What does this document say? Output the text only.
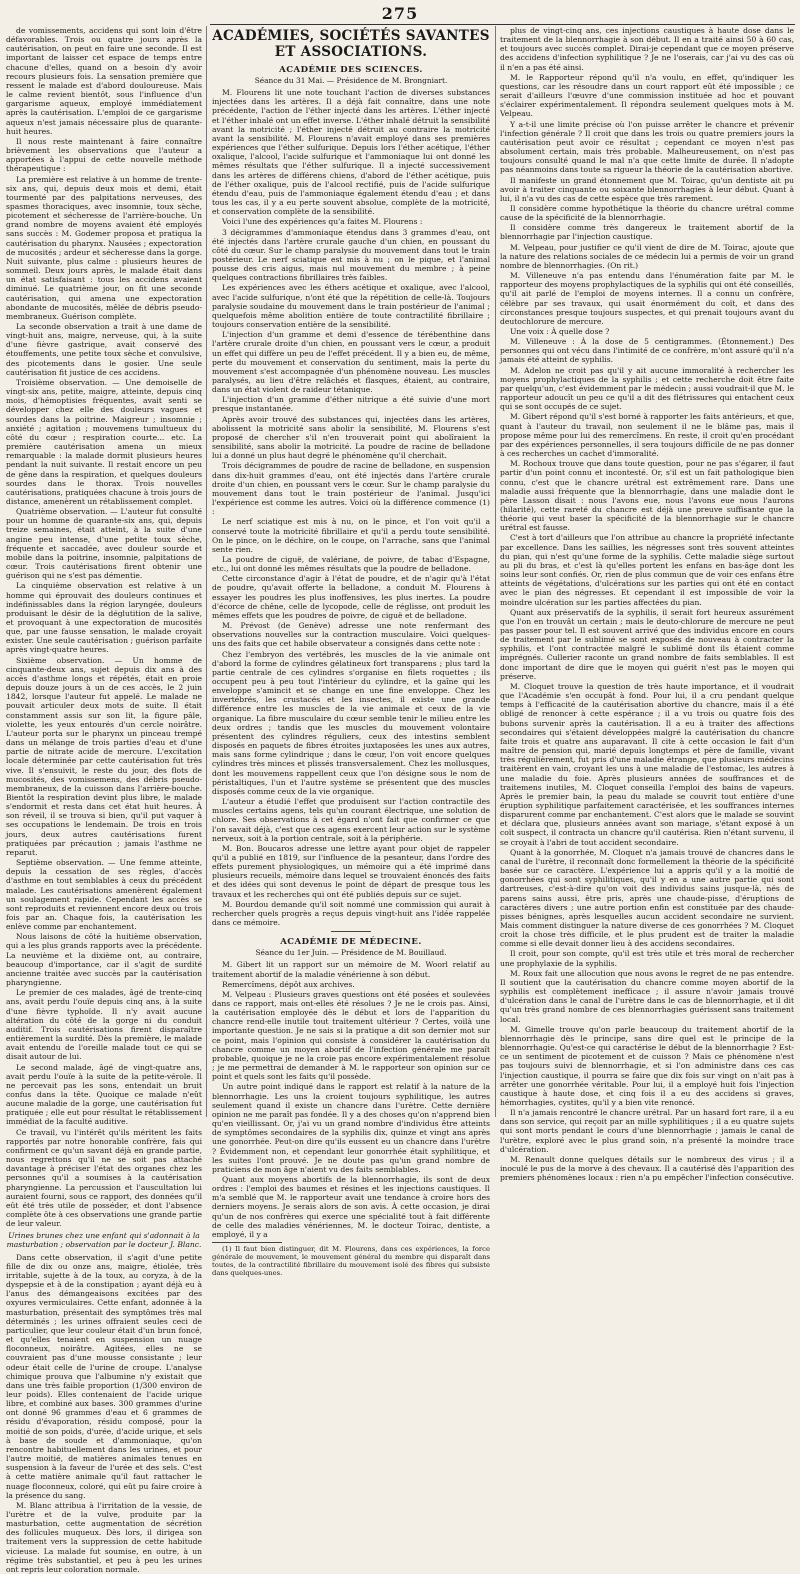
275

de vomissements, accidens qui sont loin d'être défavorables. Trois ou quatre jours après la cautérisation, on peut en faire une seconde. Il est important de laisser cet espace de temps entre chacune d'elles, quand on a besoin d'y avoir recours plusieurs fois. La sensation première que ressent le malade est d'abord douloureuse. Mais le calme revient bientôt, sous l'influence d'un gargarisme aqueux, employé immédiatement après la cautérisation. L'emploi de ce gargarisme aqueux n'est jamais nécessaire plus de quarante-huit heures.

Il nous reste maintenant à faire connaître brièvement les observations que l'auteur a apportées à l'appui de cette nouvelle méthode thérapeutique :

La première est relative à un homme de trente-six ans, qui, depuis deux mois et demi, était tourmenté par des palpitations nerveuses, des spasmes thoraciques, avec insomnie, toux sèche, picotement et sécheresse de l'arrière-bouche. Un grand nombre de moyens avaient été employés sans succès : M. Godemer proposa et pratiqua la cautérisation du pharynx. Nausées ; expectoration de mucosités ; ardeur et sécheresse dans la gorge. Nuit suivante, plus calme : plusieurs heures de sommeil. Deux jours après, le malade était dans un état satisfaisant : tous les accidens avaient diminué. Le quatrième jour, on fit une seconde cautérisation, qui amena une expectoration abondante de mucosités, mêlée de débris pseudo-membraneux. Guérison complète.

La seconde observation a trait à une dame de vingt-huit ans, maigre, nerveuse, qui, à la suite d'une fièvre gastrique, avait conservé des étouffements, une petite toux sèche et convulsive, des picotements dans le gosier. Une seule cautérisation fit justice de ces accidens.

Troisième observation. — Une demoiselle de vingt-six ans, petite, maigre, atteinte, depuis cinq mois, d'hémoptisies fréquentes, avait senti se développer chez elle des douleurs vagues et sourdes dans la poitrine. Maigreur ; insomnie ; anxiété ; agitation ; mouvemens tumultueux du côté du cœur ; respiration courte... etc. La première cautérisation amena un mieux remarquable : la malade dormit plusieurs heures pendant la nuit suivante. Il restait encore un peu de gêne dans la respiration, et quelques douleurs sourdes dans le thorax. Trois nouvelles cautérisations, pratiquées chacune à trois jours de distance, amenèrent un rétablissement complet.

Quatrième observation. — L'auteur fut consulté pour un homme de quarante-six ans, qui, depuis treize semaines, était atteint, à la suite d'une angine peu intense, d'une petite toux sèche, fréquente et saccadée, avec douleur sourde et mobile dans la poitrine, insomnie, palpitations de cœur. Trois cautérisations firent obtenir une guérison qui ne s'est pas démentie.

La cinquième observation est relative à un homme qui éprouvait des douleurs continues et indéfinissables dans la région laryngée, douleurs produisant le désir de la déglutition de la salive, et provoquant à une expectoration de mucosités que, par une fausse sensation, le malade croyait exister. Une seule cautérisation ; guérison parfaite après vingt-quatre heures.

Sixième observation. — Un homme de cinquante-deux ans, sujet depuis dix ans à des accès d'asthme longs et répétés, était en proie depuis douze jours à un de ces accès, le 2 juin 1842, lorsque l'auteur fut appelé. Le malade ne pouvait articuler deux mots de suite. Il était constamment assis sur son lit, la figure pâle, violette, les yeux entourés d'un cercle noirâtre. L'auteur porta sur le pharynx un pinceau trempé dans un mélange de trois parties d'eau et d'une partie de nitrate acide de mercure. L'excitation locale déterminée par cette cautérisation fut très vive. Il s'ensuivit, le reste du jour, des flots de mucosités, des vomissemens, des débris pseudo-membraneux, de la cuisson dans l'arrière-bouche. Bientôt la respiration devint plus libre, le malade s'endormit et resta dans cet état huit heures. À son réveil, il se trouva si bien, qu'il put vaquer à ses occupations le lendemain. De trois en trois jours, deux autres cautérisations furent pratiquées par précaution ; jamais l'asthme ne reparut.

Septième observation. — Une femme atteinte, depuis la cessation de ses règles, d'accès d'asthme en tout semblables à ceux du précédent malade. Les cautérisations amenèrent également un soulagement rapide. Cependant les accès se sont reproduits et reviennent encore deux ou trois fois par an. Chaque fois, la cautérisation les enlève comme par enchantement.

Nous laisons de côté la huitième observation, qui a les plus grands rapports avec la précédente. La neuvième et la dixième ont, au contraire, beaucoup d'importance, car il s'agit de surdité ancienne traitée avec succès par la cautérisation pharyngienne.

Le premier de ces malades, âgé de trente-cinq ans, avait perdu l'ouïe depuis cinq ans, à la suite d'une fièvre typhoïde. Il n'y avait aucune altération du côté de la gorge ni du conduit auditif. Trois cautérisations firent disparaître entièrement la surdité. Dès la première, le malade avait entendu de l'oreille malade tout ce qui se disait autour de lui.

Le second malade, âgé de vingt-quatre ans, avait perdu l'ouïe à la suite de la petite-vérole. Il ne percevait pas les sons, entendait un bruit confus dans la tête. Quoique ce malade n'eût aucune maladie de la gorge, une cautérisation fut pratiquée ; elle eut pour résultat le rétablissement immédiat de la faculté auditive.

Ce travail, vu l'intérêt qu'ils méritent les faits rapportés par notre honorable confrère, fais qui confirment ce qu'un savant déjà en grande partie, nous regrettons qu'il ne se soit pas attaché davantage à préciser l'état des organes chez les personnes qu'il a soumises à la cautérisation pharyngienne. La percussion et l'auscultation lui auraient fourni, sous ce rapport, des données qu'il eût été très utile de posséder, et dont l'absence complète ôte à ces observations une grande partie de leur valeur.

Urines brunes chez une enfant qui s'adonnait à la masturbation ; observation par le docteur J. Blanc.

Dans cette observation, il s'agit d'une petite fille de dix ou onze ans, maigre, étiolée, très irritable, sujette à de la toux, au coryza, à de la dyspepsie et à de la constipation ; ayant déjà eu à l'anus des démangeaisons excitées par des oxyures vermiculaires. Cette enfant, adonnée à la masturbation, présentait des symptômes très mal déterminés ; les urines offraient seules ceci de particulier, que leur couleur était d'un brun foncé, et qu'elles tenaient en suspension un nuage floconneux, noirâtre. Agitées, elles ne se couvraient pas d'une mousse consistante ; leur odeur était celle de l'urine de croupe. L'analyse chimique prouva que l'albumine n'y existait que dans une très faible proportion (1/300 environ de leur poids). Elles contenaient de l'acide urique libre, et combiné aux bases. 300 grammes d'urine ont donné 96 grammes d'eau et 6 grammes de résidu d'évaporation, résidu composé, pour la moitié de son poids, d'urée, d'acide urique, et sels à base de soude et d'ammoniaque, qu'on rencontre habituellement dans les urines, et pour l'autre moitié, de matières animales tenues en suspension à la faveur de l'urée et des sels. C'est à cette matière animale qu'il faut rattacher le nuage floconneux, coloré, qui eût pu faire croire à la présence du sang.

M. Blanc attribua à l'irritation de la vessie, de l'urètre et de la vulve, produite par la masturbation, cette augmentation de sécrétion des follicules muqueux. Dès lors, il dirigea son traitement vers la suppression de cette habitude vicieuse. La malade fut soumise, en outre, à un régime très substantiel, et peu à peu les urines ont repris leur coloration normale.

ACADÉMIES, SOCIÉTÉS SAVANTES ET ASSOCIATIONS.
ACADÉMIE DES SCIENCES.
Séance du 31 Mai. — Présidence de M. Brongniart.

M. Flourens lit une note touchant l'action de diverses substances injectées dans les artères. Il a déjà fait connaître, dans une note précédente, l'action de l'éther injecté dans les artères. L'éther injecté et l'éther inhalé ont un effet inverse. L'éther inhalé détruit la sensibilité avant la motricité ; l'éther injecté détruit au contraire la motricité avant la sensibilité. M. Flourens n'avait employé dans ses premières expériences que l'éther sulfurique. Depuis lors l'éther acétique, l'éther oxalique, l'alcool, l'acide sulfurique et l'ammoniaque lui ont donné les mêmes résultats que l'éther sulfurique. Il a injecté successivement dans les artères de différens chiens, d'abord de l'éther acétique, puis de l'éther oxalique, puis de l'alcool rectifié, puis de l'acide sulfurique étendu d'eau, puis de l'ammoniaque également étendu d'eau ; et dans tous les cas, il y a eu perte souvent absolue, complète de la motricité, et conservation complète de la sensibilité.

Voici l'une des expériences qu'a faites M. Flourens :

3 décigrammes d'ammoniaque étendus dans 3 grammes d'eau, ont été injectés dans l'artère crurale gauche d'un chien, en poussant du côté du cœur. Sur le champ paralysie du mouvement dans tout le train postérieur. Le nerf sciatique est mis à nu ; on le pique, et l'animal pousse des cris aigus, mais nul mouvement du membre ; à peine quelques contractions fibrillaires très faibles.

Les expériences avec les éthers acétique et oxalique, avec l'alcool, avec l'acide sulfurique, n'ont été que la répétition de celle-là. Toujours paralysie soudaine du mouvement dans le train postérieur de l'animal ; quelquefois même abolition entière de toute contractilité fibrillaire ; toujours conservation entière de la sensibilité.

L'injection d'un gramme et demi d'essence de térébenthine dans l'artère crurale droite d'un chien, en poussant vers le cœur, a produit un effet qui diffère un peu de l'effet précédent. Il y a bien eu, de même, perte du mouvement et conservation du sentiment, mais la perte du mouvement s'est accompagnée d'un phénomène nouveau. Les muscles paralysés, au lieu d'être relâchés et flasques, étaient, au contraire, dans un état violent de raideur tétanique.

L'injection d'un gramme d'éther nitrique a été suivie d'une mort presque instantanée.

Après avoir trouvé des substances qui, injectées dans les artères, abolissent la motricité sans abolir la sensibilité, M. Flourens s'est proposé de chercher s'il n'en trouverait point qui abolîraient la sensibilité, sans abolir la motricité. La poudre de racine de belladone lui a donné un plus haut degré le phénomène qu'il cherchait.

Trois décigrammes de poudre de racine de belladone, en suspension dans dix-huit grammes d'eau, ont été injectés dans l'artère crurale droite d'un chien, en poussant vers le cœur. Sur le champ paralysie du mouvement dans tout le train postérieur de l'animal. Jusqu'ici l'expérience est comme les autres. Voici où la différence commence (1) :

Le nerf sciatique est mis à nu, on le pince, et l'on voit qu'il a conservé toute la motricité fibrillaire et qu'il a perdu toute sensibilité. On le pince, on le déchire, on le coupe, on l'arrache, sans que l'animal sente rien.

La poudre de ciguë, de valériane, de poivre, de tabac d'Espagne, etc., lui ont donné les mêmes résultats que la poudre de belladone.

Cette circonstance d'agir à l'état de poudre, et de n'agir qu'à l'état de poudre, qu'avait offerte la belladone, a conduit M. Flourens à essayer les poudres les plus inoffensives, les plus inertes. La poudre d'écorce de chêne, celle de lycopode, celle de réglisse, ont produit les mêmes effets que les poudres de poivre, de ciguë et de belladone.

M. Prévost (de Genève) adresse une note renfermant des observations nouvelles sur la contraction musculaire. Voici quelques-uns des faits que cet habile observateur a consignés dans cette note :

Chez l'embryon des vertébrés, les muscles de la vie animale ont d'abord la forme de cylindres gélatineux fort transparens ; plus tard la partie centrale de ces cylindres s'organise en filets roquettes ; ils occupent peu à peu tout l'intérieur du cylindre, et la gaîne qui les enveloppe s'amincit et se change en une fine enveloppe. Chez les invertébrés, les crustacés et les insectes, il existe une grande différence entre les muscles de la vie animale et ceux de la vie organique. La fibre musculaire du cœur semble tenir le milieu entre les deux ordres ; tandis que les muscles du mouvement volontaire présentent des cylindres réguliers, ceux des intestins semblent disposés en paquets de fibres étroites juxtaposées les unes aux autres, mais sans forme cylindrique ; dans le cœur, l'on voit encore quelques cylindres très minces et plissés transversalement. Chez les mollusques, dont les mouvemens rappellent ceux que l'on désigne sous le nom de péristaltiques, l'un et l'autre système se présentent que des muscles disposés comme ceux de la vie organique.

L'auteur a étudié l'effet que produisent sur l'action contractile des muscles certains agens, tels qu'un courant électrique, une solution de chlore. Ses observations à cet égard n'ont fait que confirmer ce que l'on savait déjà, c'est que ces agens exercent leur action sur le système nerveux, soit à la portion centrale, soit à la périphérie.

M. Bon. Boucaros adresse une lettre ayant pour objet de rappeler qu'il a publié en 1819, sur l'influence de la pesanteur, dans l'ordre des effets purement physiologiques, un mémoire qui a été imprimé dans plusieurs recueils, mémoire dans lequel se trouvaient énoncés des faits et des idées qui sont devenus le point de départ de presque tous les travaux et les recherches qui ont été publiés depuis sur ce sujet.

M. Bourdou demande qu'il soit nommé une commission qui aurait à rechercher quels progrès a reçus depuis vingt-huit ans l'idée rappelée dans ce mémoire.

ACADÉMIE DE MÉDECINE.
Séance du 1er Juin. — Présidence de M. Bouillaud.

M. Gibert lit un rapport sur un mémoire de M. Woorl relatif au traitement abortif de la maladie vénérienne à son début.

Remercîmens, dépôt aux archives.

M. Velpeau : Plusieurs graves questions ont été posées et soulevées dans ce rapport, mais ont-elles été résolues ? Je ne le crois pas. Ainsi, la cautérisation employée dès le début et lors de l'apparition du chancre rend-elle inutile tout traitement ultérieur ? Certes, voilà une importante question. Je ne sais si la pratique a dit son dernier mot sur ce point, mais l'opinion qui consiste à considérer la cautérisation du chancre comme un moyen abortif de l'infection générale me paraît probable, quoique je ne la croie pas encore expérimentalement résolue ; je me permettrai de demander à M. le rapporteur son opinion sur ce point et quels sont les faits qu'il possède.

Un autre point indiqué dans le rapport est relatif à la nature de la blennorrhagie. Les uns la croient toujours syphilitique, les autres seulement quand il existe un chancre dans l'urètre. Cette dernière opinion ne me paraît pas fondée. Il y a des choses qu'on n'apprend bien qu'en vieillissant. Or, j'ai vu un grand nombre d'individus être atteints de symptômes secondaires de la syphilis dix, quinze et vingt ans après une gonorrhée. Peut-on dire qu'ils eussent eu un chancre dans l'urètre ? Évidemment non, et cependant leur gonorrhée était syphilitique, et les suites l'ont prouvé. Je ne doute pas qu'un grand nombre de praticiens de mon âge n'aient vu des faits semblables.

Quant aux moyens abortifs de la blennorrhagie, ils sont de deux ordres : l'emploi des baumes et résines et les injections caustiques. Il m'a semblé que M. le rapporteur avait une tendance à croire hors des derniers moyens. Je serais alors de son avis. À cette occasion, je dirai qu'un de nos confrères qui exerce une spécialité tout à fait différente de celle des maladies vénériennes, M. le docteur Toirac, dentiste, a employé, il y a

(1) Il faut bien distinguer, dit M. Flourens, dans ces expériences, la force générale de mouvement, le mouvement général du membre qui disparaît dans toutes, de la contractilité fibrillaire du mouvement isolé des fibres qui subsiste dans quelques-unes.

plus de vingt-cinq ans, ces injections caustiques à haute dose dans le traitement de la blennorrhagie à son début. Il en a traité ainsi 50 à 60 cas, et toujours avec succès complet. Dirai-je cependant que ce moyen préserve des accidens d'infection syphilitique ? Je ne l'oserais, car j'ai vu des cas où il n'en a pas été ainsi.

M. le Rapporteur répond qu'il n'a voulu, en effet, qu'indiquer les questions, car les résoudre dans un court rapport eût été impossible ; ce serait d'ailleurs l'œuvre d'une commission instituée ad hoc et pouvant s'éclairer expérimentalement. Il répondra seulement quelques mots à M. Velpeau.

Y a-t-il une limite précise où l'on puisse arrêter le chancre et prévenir l'infection générale ? Il croit que dans les trois ou quatre premiers jours la cautérisation peut avoir ce résultat ; cependant ce moyen n'est pas absolument certain, mais très probable. Malheureusement, on n'est pas toujours consulté quand le mal n'a que cette limite de durée. Il n'adopte pas néanmoins dans toute sa rigueur la théorie de la cautérisation abortive.

Il manifeste un grand étonnement que M. Toirac, qu'un dentiste ait pu avoir à traiter cinquante ou soixante blennorrhagies à leur début. Quant à lui, il n'a vu des cas de cette espèce que très rarement.

Il considère comme hypothétique la théorie du chancre urétral comme cause de la spécificité de la blennorrhagie.

Il considère comme très dangereux le traitement abortif de la blennorrhagie par l'injection caustique.

M. Velpeau, pour justifier ce qu'il vient de dire de M. Toirac, ajoute que la nature des relations sociales de ce médecin lui a permis de voir un grand nombre de blennorrhagies. (On rit.)

M. Villeneuve n'a pas entendu dans l'énumération faite par M. le rapporteur des moyens prophylactiques de la syphilis qui ont été conseillés, qu'il ait parlé de l'emploi de moyens internes. Il a connu un confrère, célèbre par ses travaux, qui usait énormément du coït, et dans des circonstances presque toujours suspectes, et qui prenait toujours avant du deutochlorure de mercure.

Une voix : À quelle dose ?

M. Villeneuve : À la dose de 5 centigrammes. (Étonnement.) Des personnes qui ont vécu dans l'intimité de ce confrère, m'ont assuré qu'il n'a jamais été atteint de syphilis.

M. Adelon ne croit pas qu'il y ait aucune immoralité à rechercher les moyens prophylactiques de la syphilis ; et cette recherche doit être faite par quelqu'un, c'est évidemment par le médecin ; aussi voudrait-il que M. le rapporteur adoucît un peu ce qu'il a dit des flétrissures qui entachent ceux qui se sont occupés de ce sujet.

M. Gibert répond qu'il s'est borné à rapporter les faits antérieurs, et que, quant à l'auteur du travail, non seulement il ne le blâme pas, mais il propose même pour lui des remercîmens. En reste, il croit qu'en procédant par des expériences personnelles, il sera toujours difficile de ne pas donner à ces recherches un cachet d'immoralité.

M. Rochoux trouve que dans toute question, pour ne pas s'égarer, il faut partir d'un point connu et incontesté. Or, s'il est un fait pathologique bien connu, c'est que le chancre urétral est extrêmement rare. Dans une maladie aussi fréquente que la blennorrhagie, dans une maladie dont le père Lasson disait : nous l'avons eue, nous l'avons eue nous l'aurons (hilarité), cette rareté du chancre est déjà une preuve suffisante que la théorie qui veut baser la spécificité de la blennorrhagie sur le chancre urétral est fausse.

C'est à tort d'ailleurs que l'on attribue au chancre la propriété infectante par excellence. Dans les saillies, les négresses sont très souvent atteintes du pian, qui n'est qu'une forme de la syphilis. Cette maladie siège surtout au pli du bras, et c'est là qu'elles portent les enfans en bas-âge dont les soins leur sont confiés. Or, rien de plus commun que de voir ces enfans être atteints de végétations, d'ulcérations sur les parties qui ont été en contact avec le pian des négresses. Et cependant il est impossible de voir la moindre ulcération sur les parties affectées du pian.

Quant aux préservatifs de la syphilis, il serait fort heureux assurément que l'on en trouvât un certain ; mais le deuto-chlorure de mercure ne peut pas passer pour tel. Il est souvent arrivé que des individus encore en cours de traitement par le sublimé se sont exposés de nouveau à contracter la syphilis, et l'ont contractée malgré le sublimé dont ils étaient comme imprégnés. Cullerier raconte un grand nombre de faits semblables. Il est donc important de dire que le moyen qui guérit n'est pas le moyen qui préserve.

M. Cloquet trouve la question de très haute importance, et il voudrait que l'Académie s'en occupât à fond. Pour lui, il a cru pendant quelque temps à l'efficacité de la cautérisation abortive du chancre, mais il a été obligé de renoncer à cette espérance ; il a vu trois ou quatre fois des bubons survenir après la cautérisation. Il a eu à traiter des affections secondaires qui s'étaient développées malgré la cautérisation du chancre faite trois et quatre ans auparavant. Il cite à cette occasion le fait d'un maître de pension qui, marié depuis longtemps et père de famille, vivant très régulièrement, fut pris d'une maladie étrange, que plusieurs médecins traitèrent en vain, croyant les uns à une maladie de l'estomac, les autres à une maladie du foie. Après plusieurs années de souffrances et de traitemens inutiles, M. Cloquet conseilla l'emploi des bains de vapeurs. Après le premier bain, la peau du malade se couvrit tout entière d'une éruption syphilitique parfaitement caractérisée, et les souffrances internes disparurent comme par enchantement. C'est alors que le malade se souvint et déclara que, plusieurs années avant son mariage, s'étant exposé à un coït suspect, il contracta un chancre qu'il cautérisa. Rien n'étant survenu, il se croyait à l'abri de tout accident secondaire.

Quant à la gonorrhée, M. Cloquet n'a jamais trouvé de chancres dans le canal de l'urètre, il reconnaît donc formellement la théorie de la spécificité basée sur ce caractère. L'expérience lui a appris qu'il y a la moitié de gonorrhées qui sont syphilitiques, qu'il y en a une autre partie qui sont dartreuses, c'est-à-dire qu'on voit des individus sains jusque-là, nés de parens sains aussi, être pris, après une chaude-pisse, d'éruptions de caractères divers ; une autre portion enfin est constituée par des chaude-pisses bénignes, après lesquelles aucun accident secondaire ne survient. Mais comment distinguer la nature diverse de ces gonorrhées ? M. Cloquet croit la chose très difficile, et le plus prudent est de traiter la maladie comme si elle devait donner lieu à des accidens secondaires.

Il croit, pour son compte, qu'il est très utile et très moral de rechercher une prophylaxie de la syphilis.

M. Roux fait une allocution que nous avons le regret de ne pas entendre. Il soutient que la cautérisation du chancre comme moyen abortif de la syphilis est complètement inefficace ; il assure n'avoir jamais trouvé d'ulcération dans le canal de l'urètre dans le cas de blennorrhagie, et il dit qu'un très grand nombre de ces blennorrhagies guérissent sans traitement local.

M. Gimelle trouve qu'on parle beaucoup du traitement abortif de la blennorrhagie dès le principe, sans dire quel est le principe de la blennorrhagie. Qu'est-ce qui caractérise le début de la blennorrhagie ? Est-ce un sentiment de picotement et de cuisson ? Mais ce phénomène n'est pas toujours suivi de blennorrhagie, et si l'on administre dans ces cas l'injection caustique, il pourra se faire que dix fois sur vingt on n'ait pas à arrêter une gonorrhée véritable. Pour lui, il a employé huit fois l'injection caustique à haute dose, et cinq fois il a eu des accidens si graves, hémorrhagies, cystites, qu'il y a bien vite renoncé.

Il n'a jamais rencontré le chancre urétral. Par un hasard fort rare, il a eu dans son service, qui reçoit par an mille syphilitiques ; il a eu quatre sujets qui sont morts pendant le cours d'une blennorrhagie ; jamais le canal de l'urètre, exploré avec le plus grand soin, n'a présenté la moindre trace d'ulcération.

M. Renault donne quelques détails sur le nombreux des virus ; il a inoculé le pus de la morve à des chevaux. Il a cautérisé dès l'apparition des premiers phénomènes locaux : rien n'a pu empêcher l'infection consécutive.
